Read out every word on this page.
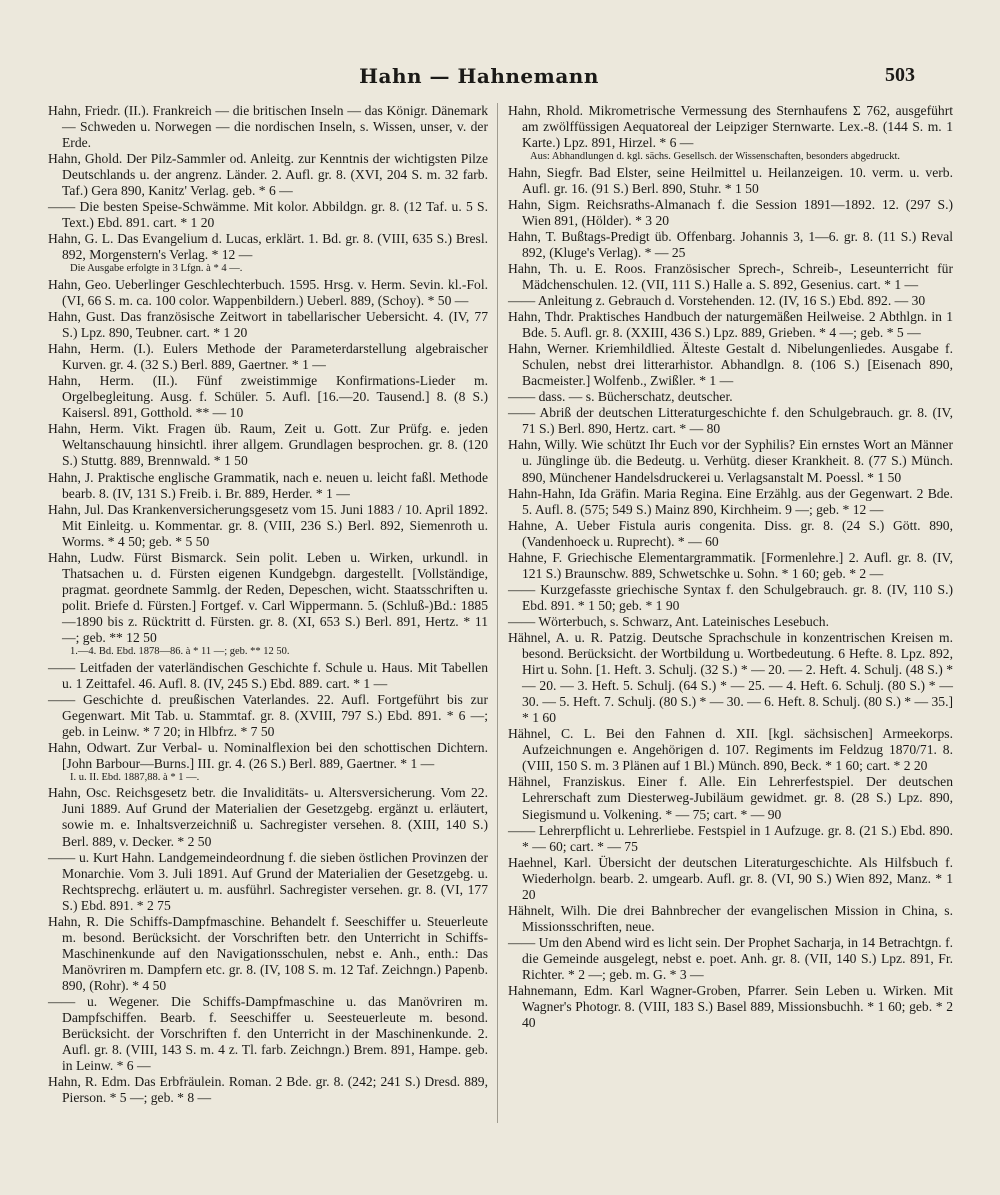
Hahn — Hahnemann	503

Hahn, Friedr. (II.). Frankreich — die britischen Inseln — das Königr. Dänemark — Schweden u. Norwegen — die nordischen Inseln, s. Wissen, unser, v. der Erde.

Hahn, Ghold. Der Pilz-Sammler od. Anleitg. zur Kenntnis der wichtigsten Pilze Deutschlands u. der angrenz. Länder. 2. Aufl. gr. 8. (XVI, 204 S. m. 32 farb. Taf.) Gera 890, Kanitz' Verlag. geb. * 6 —

—— Die besten Speise-Schwämme. Mit kolor. Abbildgn. gr. 8. (12 Taf. u. 5 S. Text.) Ebd. 891. cart. * 1 20

Hahn, G. L. Das Evangelium d. Lucas, erklärt. 1. Bd. gr. 8. (VIII, 635 S.) Bresl. 892, Morgenstern's Verlag. * 12 —

Die Ausgabe erfolgte in 3 Lfgn. à * 4 —.

Hahn, Geo. Ueberlinger Geschlechterbuch. 1595. Hrsg. v. Herm. Sevin. kl.-Fol. (VI, 66 S. m. ca. 100 color. Wappenbildern.) Ueberl. 889, (Schoy). * 50 —

Hahn, Gust. Das französische Zeitwort in tabellarischer Uebersicht. 4. (IV, 77 S.) Lpz. 890, Teubner. cart. * 1 20

Hahn, Herm. (I.). Eulers Methode der Parameterdarstellung algebraischer Kurven. gr. 4. (32 S.) Berl. 889, Gaertner. * 1 —

Hahn, Herm. (II.). Fünf zweistimmige Konfirmations-Lieder m. Orgelbegleitung. Ausg. f. Schüler. 5. Aufl. [16.—20. Tausend.] 8. (8 S.) Kaisersl. 891, Gotthold. ** — 10

Hahn, Herm. Vikt. Fragen üb. Raum, Zeit u. Gott. Zur Prüfg. e. jeden Weltanschauung hinsichtl. ihrer allgem. Grundlagen besprochen. gr. 8. (120 S.) Stuttg. 889, Brennwald. * 1 50

Hahn, J. Praktische englische Grammatik, nach e. neuen u. leicht faßl. Methode bearb. 8. (IV, 131 S.) Freib. i. Br. 889, Herder. * 1 —

Hahn, Jul. Das Krankenversicherungsgesetz vom 15. Juni 1883 / 10. April 1892. Mit Einleitg. u. Kommentar. gr. 8. (VIII, 236 S.) Berl. 892, Siemenroth u. Worms. * 4 50; geb. * 5 50

Hahn, Ludw. Fürst Bismarck. Sein polit. Leben u. Wirken, urkundl. in Thatsachen u. d. Fürsten eigenen Kundgebgn. dargestellt. [Vollständige, pragmat. geordnete Sammlg. der Reden, Depeschen, wicht. Staatsschriften u. polit. Briefe d. Fürsten.] Fortgef. v. Carl Wippermann. 5. (Schluß-)Bd.: 1885—1890 bis z. Rücktritt d. Fürsten. gr. 8. (XI, 653 S.) Berl. 891, Hertz. * 11 —; geb. ** 12 50

1.—4. Bd. Ebd. 1878—86. à * 11 —; geb. ** 12 50.

—— Leitfaden der vaterländischen Geschichte f. Schule u. Haus. Mit Tabellen u. 1 Zeittafel. 46. Aufl. 8. (IV, 245 S.) Ebd. 889. cart. * 1 —

—— Geschichte d. preußischen Vaterlandes. 22. Aufl. Fortgeführt bis zur Gegenwart. Mit Tab. u. Stammtaf. gr. 8. (XVIII, 797 S.) Ebd. 891. * 6 —; geb. in Leinw. * 7 20; in Hlbfrz. * 7 50

Hahn, Odwart. Zur Verbal- u. Nominalflexion bei den schottischen Dichtern. [John Barbour—Burns.] III. gr. 4. (26 S.) Berl. 889, Gaertner. * 1 —

I. u. II. Ebd. 1887,88. à * 1 —.

Hahn, Osc. Reichsgesetz betr. die Invaliditäts- u. Altersversicherung. Vom 22. Juni 1889. Auf Grund der Materialien der Gesetzgebg. ergänzt u. erläutert, sowie m. e. Inhaltsverzeichniß u. Sachregister versehen. 8. (XIII, 140 S.) Berl. 889, v. Decker. * 2 50

—— u. Kurt Hahn. Landgemeindeordnung f. die sieben östlichen Provinzen der Monarchie. Vom 3. Juli 1891. Auf Grund der Materialien der Gesetzgebg. u. Rechtsprechg. erläutert u. m. ausführl. Sachregister versehen. gr. 8. (VI, 177 S.) Ebd. 891. * 2 75

Hahn, R. Die Schiffs-Dampfmaschine. Behandelt f. Seeschiffer u. Steuerleute m. besond. Berücksicht. der Vorschriften betr. den Unterricht in Schiffs-Maschinenkunde auf den Navigationsschulen, nebst e. Anh., enth.: Das Manövriren m. Dampfern etc. gr. 8. (IV, 108 S. m. 12 Taf. Zeichngn.) Papenb. 890, (Rohr). * 4 50

—— u. Wegener. Die Schiffs-Dampfmaschine u. das Manövriren m. Dampfschiffen. Bearb. f. Seeschiffer u. Seesteuerleute m. besond. Berücksicht. der Vorschriften f. den Unterricht in der Maschinenkunde. 2. Aufl. gr. 8. (VIII, 143 S. m. 4 z. Tl. farb. Zeichngn.) Brem. 891, Hampe. geb. in Leinw. * 6 —

Hahn, R. Edm. Das Erbfräulein. Roman. 2 Bde. gr. 8. (242; 241 S.) Dresd. 889, Pierson. * 5 —; geb. * 8 —

Hahn, Rhold. Mikrometrische Vermessung des Sternhaufens Σ 762, ausgeführt am zwölffüssigen Aequatoreal der Leipziger Sternwarte. Lex.-8. (144 S. m. 1 Karte.) Lpz. 891, Hirzel. * 6 —

Aus: Abhandlungen d. kgl. sächs. Gesellsch. der Wissenschaften, besonders abgedruckt.

Hahn, Siegfr. Bad Elster, seine Heilmittel u. Heilanzeigen. 10. verm. u. verb. Aufl. gr. 16. (91 S.) Berl. 890, Stuhr. * 1 50

Hahn, Sigm. Reichsraths-Almanach f. die Session 1891—1892. 12. (297 S.) Wien 891, (Hölder). * 3 20

Hahn, T. Bußtags-Predigt üb. Offenbarg. Johannis 3, 1—6. gr. 8. (11 S.) Reval 892, (Kluge's Verlag). * — 25

Hahn, Th. u. E. Roos. Französischer Sprech-, Schreib-, Leseunterricht für Mädchenschulen. 12. (VII, 111 S.) Halle a. S. 892, Gesenius. cart. * 1 —

—— Anleitung z. Gebrauch d. Vorstehenden. 12. (IV, 16 S.) Ebd. 892. — 30

Hahn, Thdr. Praktisches Handbuch der naturgemäßen Heilweise. 2 Abthlgn. in 1 Bde. 5. Aufl. gr. 8. (XXIII, 436 S.) Lpz. 889, Grieben. * 4 —; geb. * 5 —

Hahn, Werner. Kriemhildlied. Älteste Gestalt d. Nibelungenliedes. Ausgabe f. Schulen, nebst drei litterarhistor. Abhandlgn. 8. (106 S.) [Eisenach 890, Bacmeister.] Wolfenb., Zwißler. * 1 —

—— dass. — s. Bücherschatz, deutscher.

—— Abriß der deutschen Litteraturgeschichte f. den Schulgebrauch. gr. 8. (IV, 71 S.) Berl. 890, Hertz. cart. * — 80

Hahn, Willy. Wie schützt Ihr Euch vor der Syphilis? Ein ernstes Wort an Männer u. Jünglinge üb. die Bedeutg. u. Verhütg. dieser Krankheit. 8. (77 S.) Münch. 890, Münchener Handelsdruckerei u. Verlagsanstalt M. Poessl. * 1 50

Hahn-Hahn, Ida Gräfin. Maria Regina. Eine Erzählg. aus der Gegenwart. 2 Bde. 5. Aufl. 8. (575; 549 S.) Mainz 890, Kirchheim. 9 —; geb. * 12 —

Hahne, A. Ueber Fistula auris congenita. Diss. gr. 8. (24 S.) Gött. 890, (Vandenhoeck u. Ruprecht). * — 60

Hahne, F. Griechische Elementargrammatik. [Formenlehre.] 2. Aufl. gr. 8. (IV, 121 S.) Braunschw. 889, Schwetschke u. Sohn. * 1 60; geb. * 2 —

—— Kurzgefasste griechische Syntax f. den Schulgebrauch. gr. 8. (IV, 110 S.) Ebd. 891. * 1 50; geb. * 1 90

—— Wörterbuch, s. Schwarz, Ant. Lateinisches Lesebuch.

Hähnel, A. u. R. Patzig. Deutsche Sprachschule in konzentrischen Kreisen m. besond. Berücksicht. der Wortbildung u. Wortbedeutung. 6 Hefte. 8. Lpz. 892, Hirt u. Sohn. [1. Heft. 3. Schulj. (32 S.) * — 20. — 2. Heft. 4. Schulj. (48 S.) * — 20. — 3. Heft. 5. Schulj. (64 S.) * — 25. — 4. Heft. 6. Schulj. (80 S.) * — 30. — 5. Heft. 7. Schulj. (80 S.) * — 30. — 6. Heft. 8. Schulj. (80 S.) * — 35.] * 1 60

Hähnel, C. L. Bei den Fahnen d. XII. [kgl. sächsischen] Armeekorps. Aufzeichnungen e. Angehörigen d. 107. Regiments im Feldzug 1870/71. 8. (VIII, 150 S. m. 3 Plänen auf 1 Bl.) Münch. 890, Beck. * 1 60; cart. * 2 20

Hähnel, Franziskus. Einer f. Alle. Ein Lehrerfestspiel. Der deutschen Lehrerschaft zum Diesterweg-Jubiläum gewidmet. gr. 8. (28 S.) Lpz. 890, Siegismund u. Volkening. * — 75; cart. * — 90

—— Lehrerpflicht u. Lehrerliebe. Festspiel in 1 Aufzuge. gr. 8. (21 S.) Ebd. 890. * — 60; cart. * — 75

Haehnel, Karl. Übersicht der deutschen Literaturgeschichte. Als Hilfsbuch f. Wiederholgn. bearb. 2. umgearb. Aufl. gr. 8. (VI, 90 S.) Wien 892, Manz. * 1 20

Hähnelt, Wilh. Die drei Bahnbrecher der evangelischen Mission in China, s. Missionsschriften, neue.

—— Um den Abend wird es licht sein. Der Prophet Sacharja, in 14 Betrachtgn. f. die Gemeinde ausgelegt, nebst e. poet. Anh. gr. 8. (VII, 140 S.) Lpz. 891, Fr. Richter. * 2 —; geb. m. G. * 3 —

Hahnemann, Edm. Karl Wagner-Groben, Pfarrer. Sein Leben u. Wirken. Mit Wagner's Photogr. 8. (VIII, 183 S.) Basel 889, Missionsbuchh. * 1 60; geb. * 2 40
